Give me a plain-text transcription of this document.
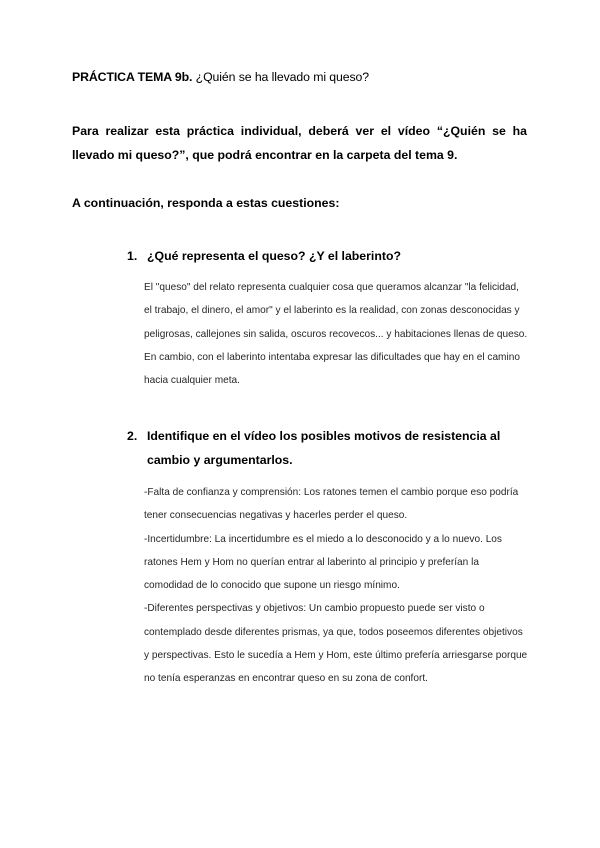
PRÁCTICA TEMA 9b. ¿Quién se ha llevado mi queso?
Para realizar esta práctica individual, deberá ver el vídeo “¿Quién se ha llevado mi queso?”, que podrá encontrar en la carpeta del tema 9.
A continuación, responda a estas cuestiones:
1. ¿Qué representa el queso? ¿Y el laberinto?

El "queso" del relato representa cualquier cosa que queramos alcanzar "la felicidad, el trabajo, el dinero, el amor" y el laberinto es la realidad, con zonas desconocidas y peligrosas, callejones sin salida, oscuros recovecos... y habitaciones llenas de queso.

En cambio, con el laberinto intentaba expresar las dificultades que hay en el camino hacia cualquier meta.

2. Identifique en el vídeo los posibles motivos de resistencia al cambio y argumentarlos.

-Falta de confianza y comprensión: Los ratones temen el cambio porque eso podría tener consecuencias negativas y hacerles perder el queso.

-Incertidumbre: La incertidumbre es el miedo a lo desconocido y a lo nuevo. Los ratones Hem y Hom no querían entrar al laberinto al principio y preferían la comodidad de lo conocido que supone un riesgo mínimo.

-Diferentes perspectivas y objetivos: Un cambio propuesto puede ser visto o contemplado desde diferentes prismas, ya que, todos poseemos diferentes objetivos y perspectivas. Esto le sucedía a Hem y Hom, este último prefería arriesgarse porque no tenía esperanzas en encontrar queso en su zona de confort.
